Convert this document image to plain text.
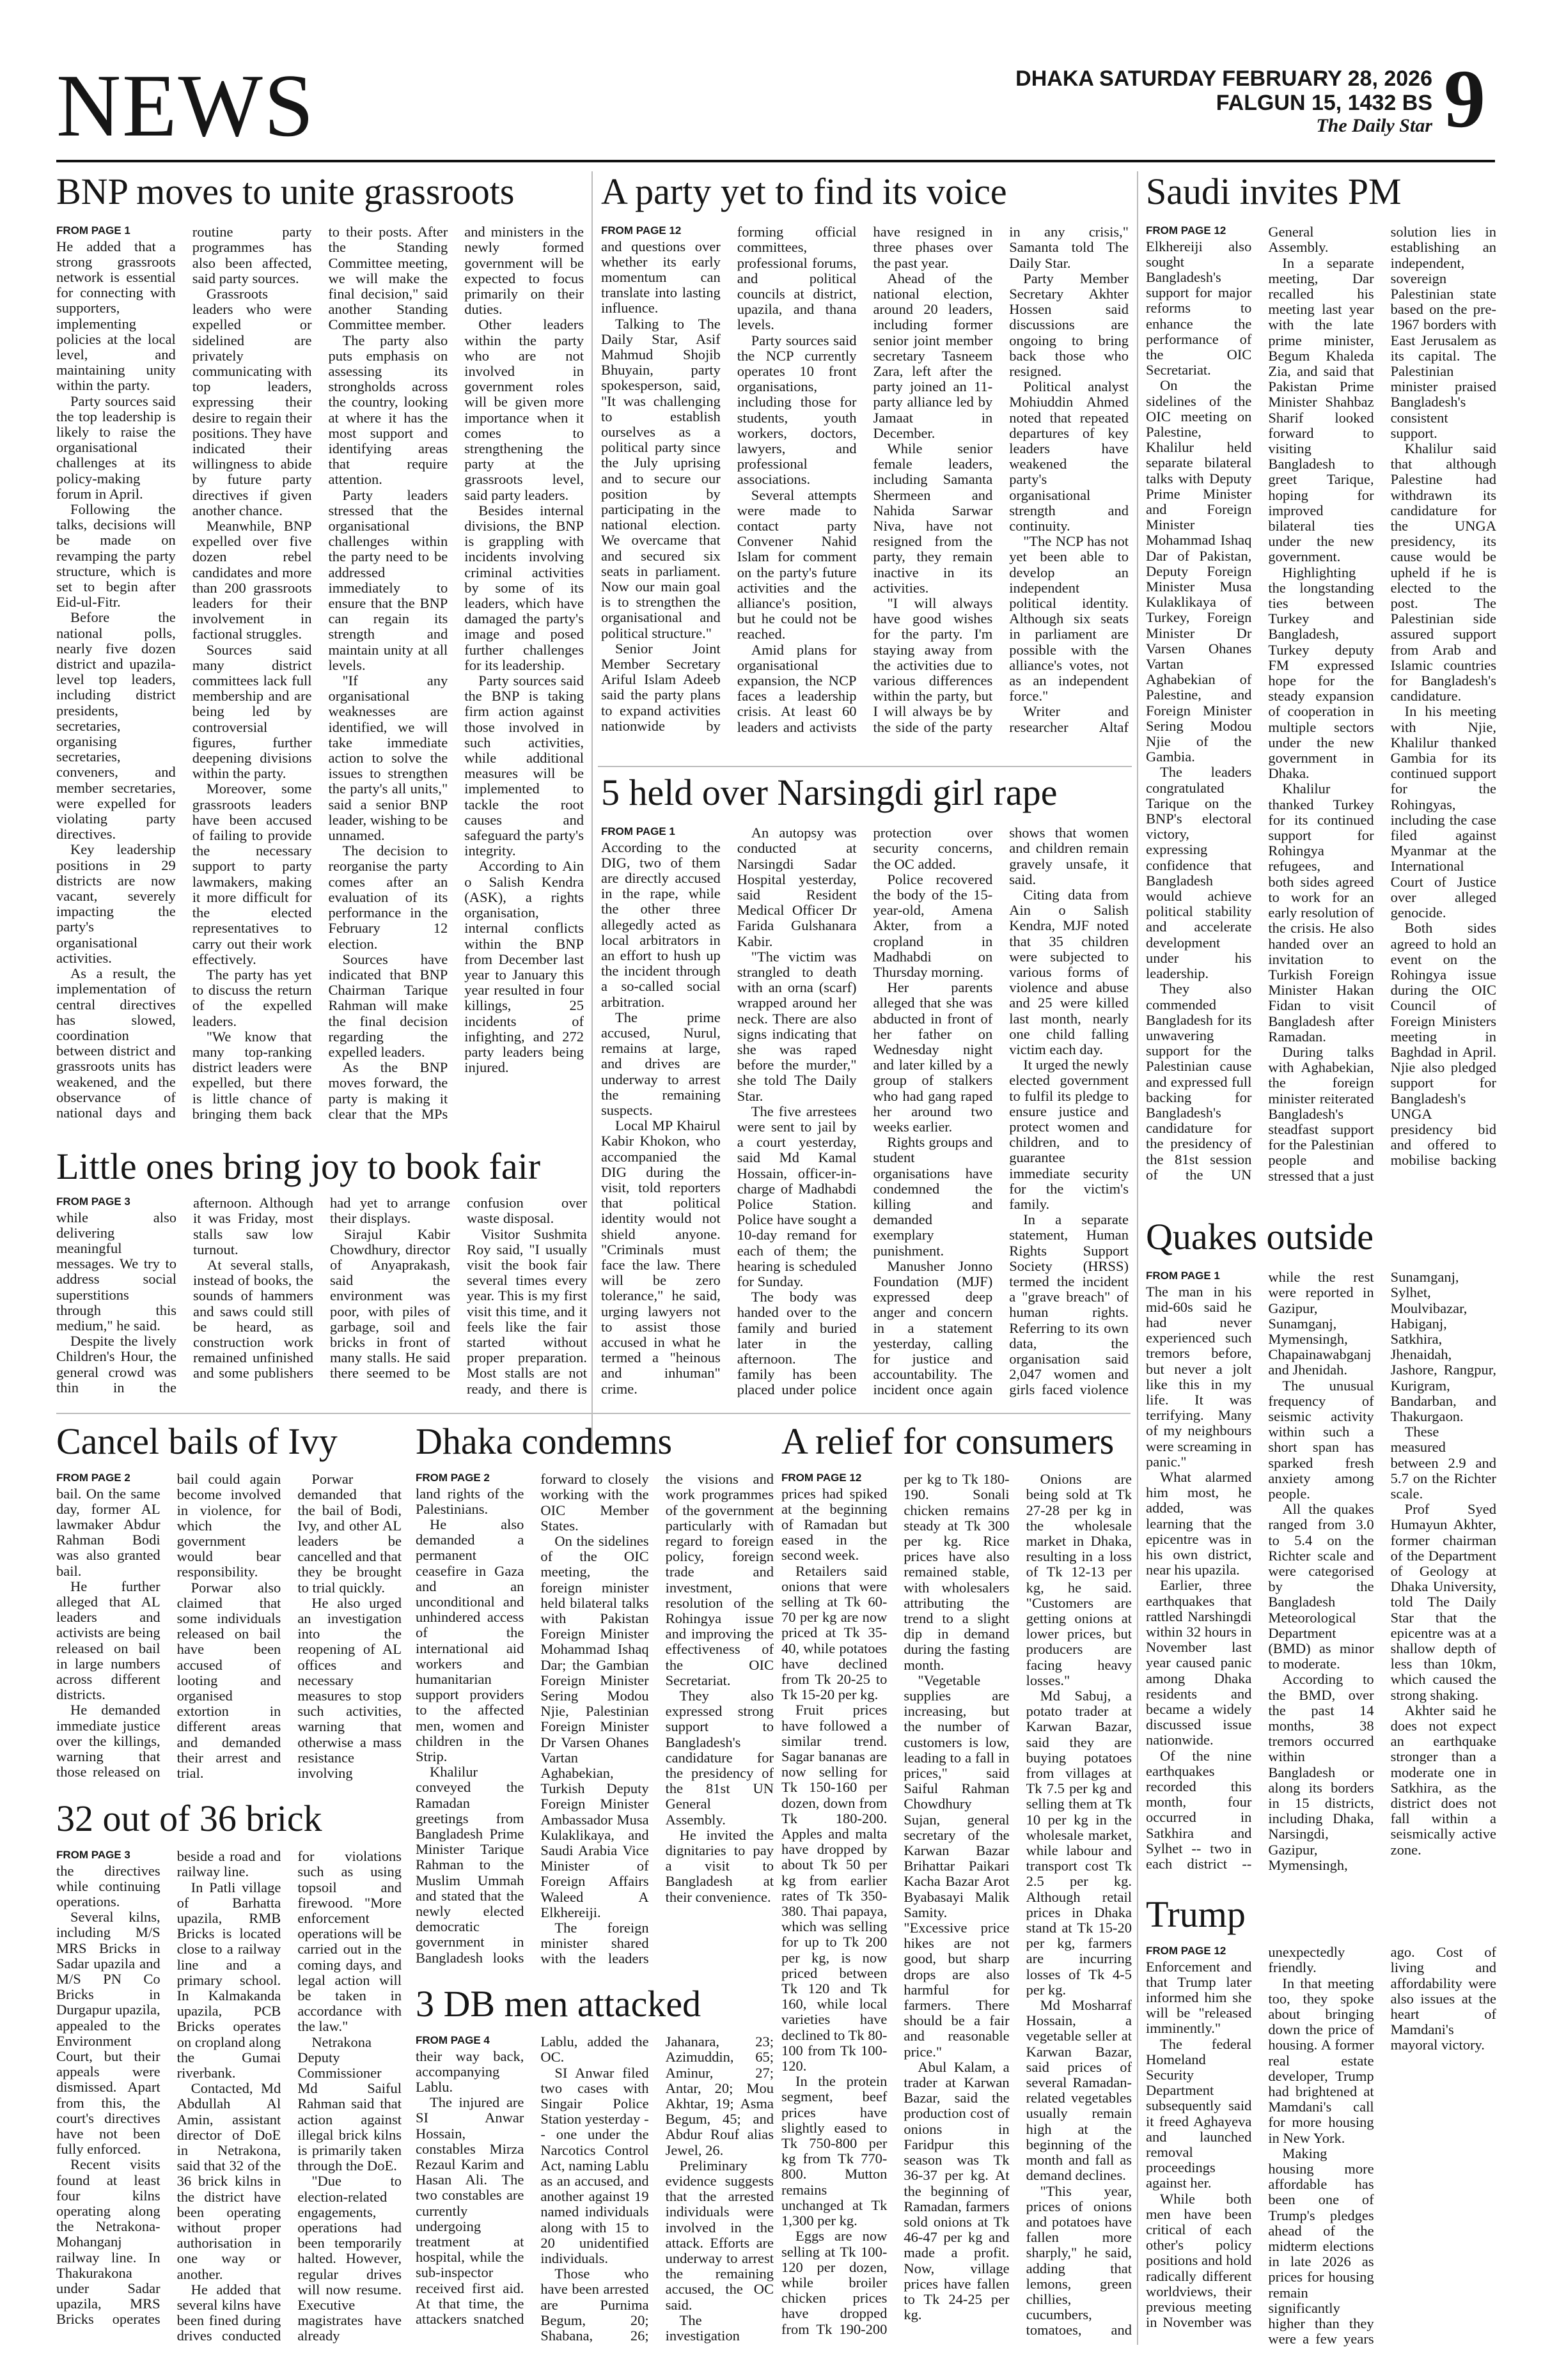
NEWS	DHAKA SATURDAY FEBRUARY 28, 2026
FALGUN 15, 1432 BS
The Daily Star 9
BNP moves to unite grassroots
FROM PAGE 1

He added that a strong grassroots network is essential for connecting with supporters, implementing policies at the local level, and maintaining unity within the party.

Party sources said the top leadership is likely to raise the organisational challenges at its policy-making forum in April.

Following the talks, decisions will be made on revamping the party structure, which is set to begin after Eid-ul-Fitr.

Before the national polls, nearly five dozen district and upazila-level top leaders, including district presidents, secretaries, organising secretaries, conveners, and member secretaries, were expelled for violating party directives.

Key leadership positions in 29 districts are now vacant, severely impacting the party's organisational activities.

As a result, the implementation of central directives has slowed, coordination between district and grassroots units has weakened, and the observance of national days and routine party programmes has also been affected, said party sources.

Grassroots leaders who were expelled or sidelined are privately communicating with top leaders, expressing their desire to regain their positions. They have indicated their willingness to abide by future party directives if given another chance.

Meanwhile, BNP expelled over five dozen rebel candidates and more than 200 grassroots leaders for their involvement in factional struggles.

Sources said many district committees lack full membership and are being led by controversial figures, further deepening divisions within the party.

Moreover, some grassroots leaders have been accused of failing to provide the necessary support to party lawmakers, making it more difficult for the elected representatives to carry out their work effectively.

The party has yet to discuss the return of the expelled leaders.

"We know that many top-ranking district leaders were expelled, but there is little chance of bringing them back to their posts. After the Standing Committee meeting, we will make the final decision," said another Standing Committee member.

The party also puts emphasis on assessing its strongholds across the country, looking at where it has the most support and identifying areas that require attention.

Party leaders stressed that the organisational challenges within the party need to be addressed immediately to ensure that the BNP can regain its strength and maintain unity at all levels.

"If any organisational weaknesses are identified, we will take immediate action to solve the issues to strengthen the party's all units," said a senior BNP leader, wishing to be unnamed.

The decision to reorganise the party comes after an evaluation of its performance in the February 12 election.

Sources have indicated that BNP Chairman Tarique Rahman will make the final decision regarding the expelled leaders.

As the BNP moves forward, the party is making it clear that the MPs and ministers in the newly formed government will be expected to focus primarily on their duties.

Other leaders within the party who are not involved in government roles will be given more importance when it comes to strengthening the party at the grassroots level, said party leaders.

Besides internal divisions, the BNP is grappling with incidents involving criminal activities by some of its leaders, which have damaged the party's image and posed further challenges for its leadership.

Party sources said the BNP is taking firm action against those involved in such activities, while additional measures will be implemented to tackle the root causes and safeguard the party's integrity.

According to Ain o Salish Kendra (ASK), a rights organisation, internal conflicts within the BNP from December last year to January this year resulted in four killings, 25 incidents of infighting, and 272 party leaders being injured.

A party yet to find its voice
FROM PAGE 12

and questions over whether its early momentum can translate into lasting influence.

Talking to The Daily Star, Asif Mahmud Shojib Bhuyain, party spokesperson, said, "It was challenging to establish ourselves as a political party since the July uprising and to secure our position by participating in the national election. We overcame that and secured six seats in parliament. Now our main goal is to strengthen the organisational and political structure."

Senior Joint Member Secretary Ariful Islam Adeeb said the party plans to expand activities nationwide by forming official committees, professional forums, and political councils at district, upazila, and thana levels.

Party sources said the NCP currently operates 10 front organisations, including those for students, youth workers, doctors, lawyers, and professional associations.

Several attempts were made to contact party Convener Nahid Islam for comment on the party's future activities and the alliance's position, but he could not be reached.

Amid plans for organisational expansion, the NCP faces a leadership crisis. At least 60 leaders and activists have resigned in three phases over the past year.

Ahead of the national election, around 20 leaders, including former senior joint member secretary Tasneem Zara, left after the party joined an 11-party alliance led by Jamaat in December.

While senior female leaders, including Samanta Shermeen and Nahida Sarwar Niva, have not resigned from the party, they remain inactive in its activities.

"I will always have good wishes for the party. I'm staying away from the activities due to various differences within the party, but I will always be by the side of the party in any crisis," Samanta told The Daily Star.

Party Member Secretary Akhter Hossen said discussions are ongoing to bring back those who resigned.

Political analyst Mohiuddin Ahmed noted that repeated departures of key leaders have weakened the party's organisational strength and continuity.

"The NCP has not yet been able to develop an independent political identity. Although six seats in parliament are possible with the alliance's votes, not as an independent force."

Writer and researcher Altaf

Saudi invites PM
FROM PAGE 12

Elkhereiji also sought Bangladesh's support for major reforms to enhance the performance of the OIC Secretariat.

On the sidelines of the OIC meeting on Palestine, Khalilur held separate bilateral talks with Deputy Prime Minister and Foreign Minister Mohammad Ishaq Dar of Pakistan, Deputy Foreign Minister Musa Kulaklikaya of Turkey, Foreign Minister Dr Varsen Ohanes Vartan Aghabekian of Palestine, and Foreign Minister Sering Modou Njie of the Gambia.

The leaders congratulated Tarique on the BNP's electoral victory, expressing confidence that Bangladesh would achieve political stability and accelerate development under his leadership.

They also commended Bangladesh for its unwavering support for the Palestinian cause and expressed full backing for Bangladesh's candidature for the presidency of the 81st session of the UN General Assembly.

In a separate meeting, Dar recalled his meeting last year with the late prime minister, Begum Khaleda Zia, and said that Pakistan Prime Minister Shahbaz Sharif looked forward to visiting Bangladesh to greet Tarique, hoping for improved bilateral ties under the new government.

Highlighting the longstanding ties between Turkey and Bangladesh, Turkey deputy FM expressed hope for the steady expansion of cooperation in multiple sectors under the new government in Dhaka.

Khalilur thanked Turkey for its continued support for Rohingya refugees, and both sides agreed to work for an early resolution of the crisis. He also handed over an invitation to Turkish Foreign Minister Hakan Fidan to visit Bangladesh after Ramadan.

During talks with Aghabekian, the foreign minister reiterated Bangladesh's steadfast support for the Palestinian people and stressed that a just solution lies in establishing an independent, sovereign Palestinian state based on the pre-1967 borders with East Jerusalem as its capital. The Palestinian minister praised Bangladesh's consistent support.

Khalilur said that although Palestine had withdrawn its candidature for the UNGA presidency, its cause would be upheld if he is elected to the post. The Palestinian side assured support from Arab and Islamic countries for Bangladesh's candidature.

In his meeting with Njie, Khalilur thanked Gambia for its continued support for the Rohingyas, including the case filed against Myanmar at the International Court of Justice over alleged genocide.

Both sides agreed to hold an event on the Rohingya issue during the OIC Council of Foreign Ministers meeting in Baghdad in April. Njie also pledged support for Bangladesh's UNGA presidency bid and offered to mobilise backing

5 held over Narsingdi girl rape
FROM PAGE 1

According to the DIG, two of them are directly accused in the rape, while the other three allegedly acted as local arbitrators in an effort to hush up the incident through a so-called social arbitration.

The prime accused, Nurul, remains at large, and drives are underway to arrest the remaining suspects.

Local MP Khairul Kabir Khokon, who accompanied the DIG during the visit, told reporters that political identity would not shield anyone. "Criminals must face the law. There will be zero tolerance," he said, urging lawyers not to assist those accused in what he termed a "heinous and inhuman" crime.

An autopsy was conducted at Narsingdi Sadar Hospital yesterday, said Resident Medical Officer Dr Farida Gulshanara Kabir.

"The victim was strangled to death with an orna (scarf) wrapped around her neck. There are also signs indicating that she was raped before the murder," she told The Daily Star.

The five arrestees were sent to jail by a court yesterday, said Md Kamal Hossain, officer-in-charge of Madhabdi Police Station. Police have sought a 10-day remand for each of them; the hearing is scheduled for Sunday.

The body was handed over to the family and buried later in the afternoon. The family has been placed under police protection over security concerns, the OC added.

Police recovered the body of the 15-year-old, Amena Akter, from a cropland in Madhabdi on Thursday morning.

Her parents alleged that she was abducted in front of her father on Wednesday night and later killed by a group of stalkers who had gang raped her around two weeks earlier.

Rights groups and student organisations have condemned the killing and demanded exemplary punishment.

Manusher Jonno Foundation (MJF) expressed deep anger and concern in a statement yesterday, calling for justice and accountability. The incident once again shows that women and children remain gravely unsafe, it said.

Citing data from Ain o Salish Kendra, MJF noted that 35 children were subjected to various forms of violence and abuse and 25 were killed last month, nearly one child falling victim each day.

It urged the newly elected government to fulfil its pledge to ensure justice and protect women and children, and to guarantee immediate security for the victim's family.

In a separate statement, Human Rights Support Society (HRSS) termed the incident a "grave breach" of human rights. Referring to its own data, the organisation said 2,047 women and girls faced violence

Little ones bring joy to book fair
FROM PAGE 3

while also delivering meaningful messages. We try to address social superstitions through this medium," he said.

Despite the lively Children's Hour, the general crowd was thin in the afternoon. Although it was Friday, most stalls saw low turnout.

At several stalls, instead of books, the sounds of hammers and saws could still be heard, as construction work remained unfinished and some publishers had yet to arrange their displays.

Sirajul Kabir Chowdhury, director of Anyaprakash, said the environment was poor, with piles of garbage, soil and bricks in front of many stalls. He said there seemed to be confusion over waste disposal.

Visitor Sushmita Roy said, "I usually visit the book fair several times every year. This is my first visit this time, and it feels like the fair started without proper preparation. Most stalls are not ready, and there is

Quakes outside
FROM PAGE 1

The man in his mid-60s said he had never experienced such tremors before, but never a jolt like this in my life. It was terrifying. Many of my neighbours were screaming in panic."

What alarmed him most, he added, was learning that the epicentre was in his own district, near his upazila.

Earlier, three earthquakes that rattled Narshingdi within 32 hours in November last year caused panic among Dhaka residents and became a widely discussed issue nationwide.

Of the nine earthquakes recorded this month, four occurred in Satkhira and Sylhet -- two in each district -- while the rest were reported in Gazipur, Sunamganj, Mymensingh, Chapainawabganj and Jhenidah.

The unusual frequency of seismic activity within such a short span has sparked fresh anxiety among people.

All the quakes ranged from 3.0 to 5.4 on the Richter scale and were categorised by the Bangladesh Meteorological Department (BMD) as minor to moderate.

According to the BMD, over the past 14 months, 38 tremors occurred within Bangladesh or along its borders in 15 districts, including Dhaka, Narsingdi, Gazipur, Mymensingh, Sunamganj, Sylhet, Moulvibazar, Habiganj, Satkhira, Jhenaidah, Jashore, Rangpur, Kurigram, Bandarban, and Thakurgaon.

These measured between 2.9 and 5.7 on the Richter scale.

Prof Syed Humayun Akhter, former chairman of the Department of Geology at Dhaka University, told The Daily Star that the epicentre was at a shallow depth of less than 10km, which caused the strong shaking.

Akhter said he does not expect an earthquake stronger than a moderate one in Satkhira, as the district does not fall within a seismically active zone.

Cancel bails of Ivy
FROM PAGE 2

bail. On the same day, former AL lawmaker Abdur Rahman Bodi was also granted bail.

He further alleged that AL leaders and activists are being released on bail in large numbers across different districts.

He demanded immediate justice over the killings, warning that those released on bail could again become involved in violence, for which the government would bear responsibility.

Porwar also claimed that some individuals released on bail have been accused of looting and organised extortion in different areas and demanded their arrest and trial.

Porwar demanded that the bail of Bodi, Ivy, and other AL leaders be cancelled and that they be brought to trial quickly.

He also urged an investigation into the reopening of AL offices and necessary measures to stop such activities, warning that otherwise a mass resistance involving

Dhaka condemns
FROM PAGE 2

land rights of the Palestinians.

He also demanded a permanent ceasefire in Gaza and an unconditional and unhindered access of the international aid workers and humanitarian support providers to the affected men, women and children in the Strip.

Khalilur conveyed the Ramadan greetings from Bangladesh Prime Minister Tarique Rahman to the Muslim Ummah and stated that the newly elected democratic government in Bangladesh looks forward to closely working with the OIC Member States.

On the sidelines of the OIC meeting, the foreign minister held bilateral talks with Pakistan Foreign Minister Mohammad Ishaq Dar; the Gambian Foreign Minister Sering Modou Njie, Palestinian Foreign Minister Dr Varsen Ohanes Vartan Aghabekian, Turkish Deputy Foreign Minister Ambassador Musa Kulaklikaya, and Saudi Arabia Vice Minister of Foreign Affairs Waleed A Elkhereiji.

The foreign minister shared with the leaders the visions and work programmes of the government particularly with regard to foreign policy, foreign trade and investment, resolution of the Rohingya issue and improving the effectiveness of the OIC Secretariat.

They also expressed strong support to Bangladesh's candidature for the presidency of the 81st UN General Assembly.

He invited the dignitaries to pay a visit to Bangladesh at their convenience.

A relief for consumers
FROM PAGE 12

prices had spiked at the beginning of Ramadan but eased in the second week.

Retailers said onions that were selling at Tk 60-70 per kg are now priced at Tk 35-40, while potatoes have declined from Tk 20-25 to Tk 15-20 per kg.

Fruit prices have followed a similar trend. Sagar bananas are now selling for Tk 150-160 per dozen, down from Tk 180-200. Apples and malta have dropped by about Tk 50 per kg from earlier rates of Tk 350-380. Thai papaya, which was selling for up to Tk 200 per kg, is now priced between Tk 120 and Tk 160, while local varieties have declined to Tk 80-100 from Tk 100-120.

In the protein segment, beef prices have slightly eased to Tk 750-800 per kg from Tk 770-800. Mutton remains unchanged at Tk 1,300 per kg.

Eggs are now selling at Tk 100-120 per dozen, while broiler chicken prices have dropped from Tk 190-200 per kg to Tk 180-190. Sonali chicken remains steady at Tk 300 per kg. Rice prices have also remained stable, with wholesalers attributing the trend to a slight dip in demand during the fasting month.

"Vegetable supplies are increasing, but the number of customers is low, leading to a fall in prices," said Saiful Rahman Chowdhury Sujan, general secretary of the Karwan Bazar Brihattar Paikari Kacha Bazar Arot Byabasayi Malik Samity. "Excessive price hikes are not good, but sharp drops are also harmful for farmers. There should be a fair and reasonable price."

Abul Kalam, a trader at Karwan Bazar, said the production cost of onions in Faridpur this season was Tk 36-37 per kg. At the beginning of Ramadan, farmers sold onions at Tk 46-47 per kg and made a profit. Now, village prices have fallen to Tk 24-25 per kg.

Onions are being sold at Tk 27-28 per kg in the wholesale market in Dhaka, resulting in a loss of Tk 12-13 per kg, he said. "Customers are getting onions at lower prices, but producers are facing heavy losses."

Md Sabuj, a potato trader at Karwan Bazar, said they are buying potatoes from villages at Tk 7.5 per kg and selling them at Tk 10 per kg in the wholesale market, while labour and transport cost Tk 2.5 per kg. Although retail prices in Dhaka stand at Tk 15-20 per kg, farmers are incurring losses of Tk 4-5 per kg.

Md Mosharraf Hossain, a vegetable seller at Karwan Bazar, said prices of several Ramadan-related vegetables usually remain high at the beginning of the month and fall as demand declines.

"This year, prices of onions and potatoes have fallen more sharply," he said, adding that lemons, green chillies, cucumbers, tomatoes, and

Trump
FROM PAGE 12

Enforcement and that Trump later informed him she will be "released imminently."

The federal Homeland Security Department subsequently said it freed Aghayeva and launched removal proceedings against her.

While both men have been critical of each other's policy positions and hold radically different worldviews, their previous meeting in November was unexpectedly friendly.

In that meeting too, they spoke about bringing down the price of housing. A former real estate developer, Trump had brightened at Mamdani's call for more housing in New York.

Making housing more affordable has been one of Trump's pledges ahead of the midterm elections in late 2026 as prices for housing remain significantly higher than they were a few years ago. Cost of living and affordability were also issues at the heart of Mamdani's mayoral victory.

32 out of 36 brick
FROM PAGE 3

the directives while continuing operations.

Several kilns, including M/S MRS Bricks in Sadar upazila and M/S PN Co Bricks in Durgapur upazila, appealed to the Environment Court, but their appeals were dismissed. Apart from this, the court's directives have not been fully enforced.

Recent visits found at least four kilns operating along the Netrakona-Mohanganj railway line. In Thakurakona under Sadar upazila, MRS Bricks operates beside a road and railway line.

In Patli village of Barhatta upazila, RMB Bricks is located close to a railway line and a primary school. In Kalmakanda upazila, PCB Bricks operates on cropland along the Gumai riverbank.

Contacted, Md Abdullah Al Amin, assistant director of DoE in Netrakona, said that 32 of the 36 brick kilns in the district have been operating without proper authorisation in one way or another.

He added that several kilns have been fined during drives conducted for violations such as using topsoil and firewood. "More enforcement operations will be carried out in the coming days, and legal action will be taken in accordance with the law."

Netrakona Deputy Commissioner Md Saiful Rahman said that action against illegal brick kilns is primarily taken through the DoE.

"Due to election-related engagements, operations had been temporarily halted. However, regular drives will now resume. Executive magistrates have already

3 DB men attacked
FROM PAGE 4

their way back, accompanying Lablu.

The injured are SI Anwar Hossain, constables Mirza Rezaul Karim and Hasan Ali. The two constables are currently undergoing treatment at hospital, while the sub-inspector received first aid. At that time, the attackers snatched Lablu, added the OC.

SI Anwar filed two cases with Singair Police Station yesterday -- one under the Narcotics Control Act, naming Lablu as an accused, and another against 19 named individuals along with 15 to 20 unidentified individuals.

Those who have been arrested are Purnima Begum, 20; Shabana, 26; Jahanara, 23; Azimuddin, 65; Aminur, 27; Antar, 20; Mou Akhtar, 19; Asma Begum, 45; and Abdur Rouf alias Jewel, 26.

Preliminary evidence suggests that the arrested individuals were involved in the attack. Efforts are underway to arrest the remaining accused, the OC said.

The investigation
